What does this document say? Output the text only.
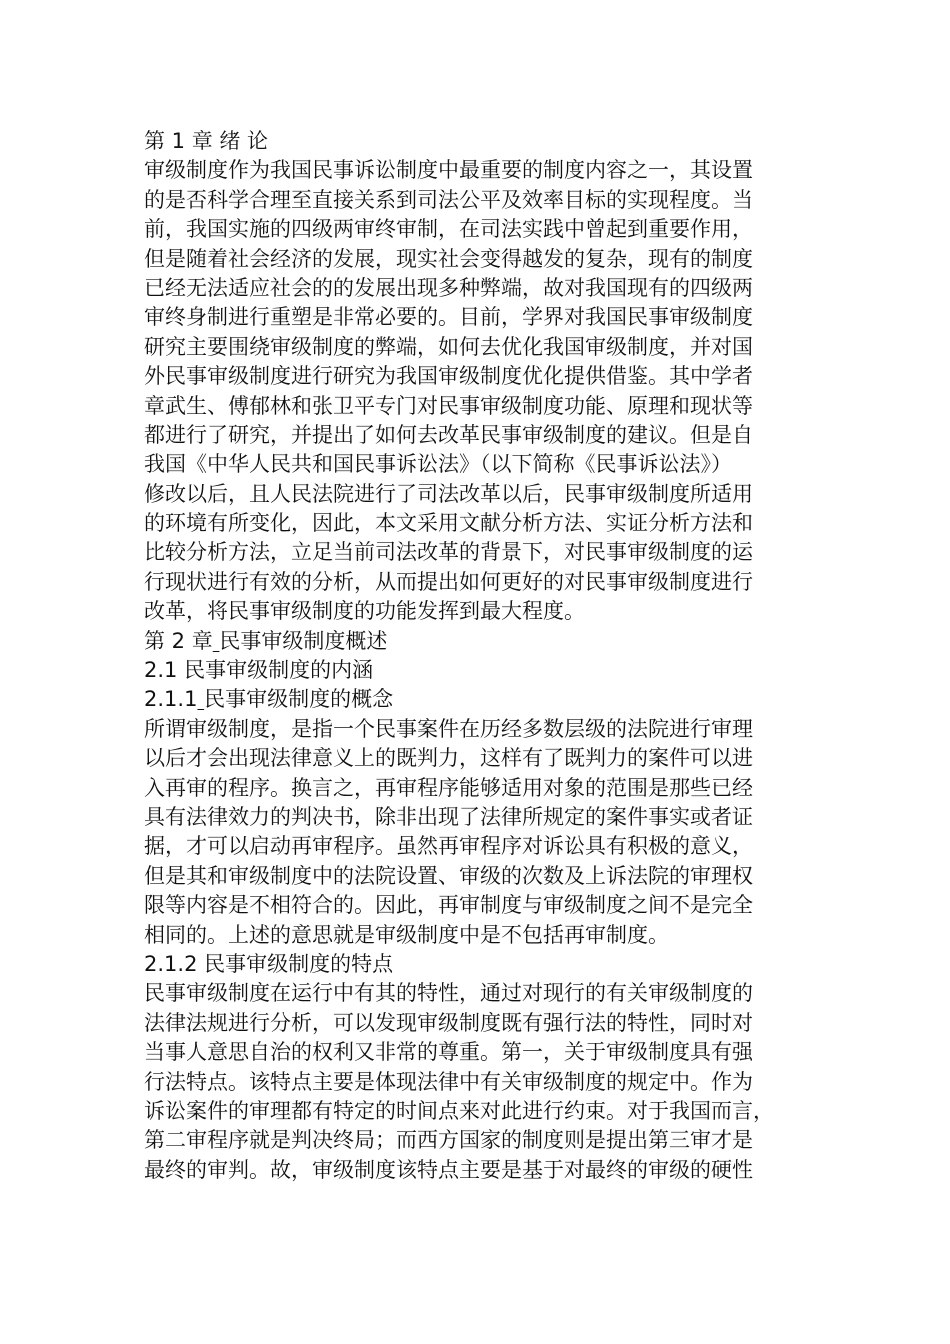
第 1 章 绪 论
审级制度作为我国民事诉讼制度中最重要的制度内容之一，其设置
的是否科学合理至直接关系到司法公平及效率目标的实现程度。当
前，我国实施的四级两审终审制，在司法实践中曾起到重要作用，
但是随着社会经济的发展，现实社会变得越发的复杂，现有的制度
已经无法适应社会的的发展出现多种弊端，故对我国现有的四级两
审终身制进行重塑是非常必要的。目前，学界对我国民事审级制度
研究主要围绕审级制度的弊端，如何去优化我国审级制度，并对国
外民事审级制度进行研究为我国审级制度优化提供借鉴。其中学者
章武生、傅郁林和张卫平专门对民事审级制度功能、原理和现状等
都进行了研究，并提出了如何去改革民事审级制度的建议。但是自
我国《中华人民共和国民事诉讼法》（以下简称《民事诉讼法》）
修改以后，且人民法院进行了司法改革以后，民事审级制度所适用
的环境有所变化，因此，本文采用文献分析方法、实证分析方法和
比较分析方法，立足当前司法改革的背景下，对民事审级制度的运
行现状进行有效的分析，从而提出如何更好的对民事审级制度进行
改革，将民事审级制度的功能发挥到最大程度。
第 2 章 民事审级制度概述
2.1 民事审级制度的内涵
2.1.1 民事审级制度的概念
所谓审级制度，是指一个民事案件在历经多数层级的法院进行审理
以后才会出现法律意义上的既判力，这样有了既判力的案件可以进
入再审的程序。换言之，再审程序能够适用对象的范围是那些已经
具有法律效力的判决书，除非出现了法律所规定的案件事实或者证
据，才可以启动再审程序。虽然再审程序对诉讼具有积极的意义，
但是其和审级制度中的法院设置、审级的次数及上诉法院的审理权
限等内容是不相符合的。因此，再审制度与审级制度之间不是完全
相同的。上述的意思就是审级制度中是不包括再审制度。
2.1.2 民事审级制度的特点
民事审级制度在运行中有其的特性，通过对现行的有关审级制度的
法律法规进行分析，可以发现审级制度既有强行法的特性，同时对
当事人意思自治的权利又非常的尊重。第一，关于审级制度具有强
行法特点。该特点主要是体现法律中有关审级制度的规定中。作为
诉讼案件的审理都有特定的时间点来对此进行约束。对于我国而言，
第二审程序就是判决终局；而西方国家的制度则是提出第三审才是
最终的审判。故，审级制度该特点主要是基于对最终的审级的硬性
